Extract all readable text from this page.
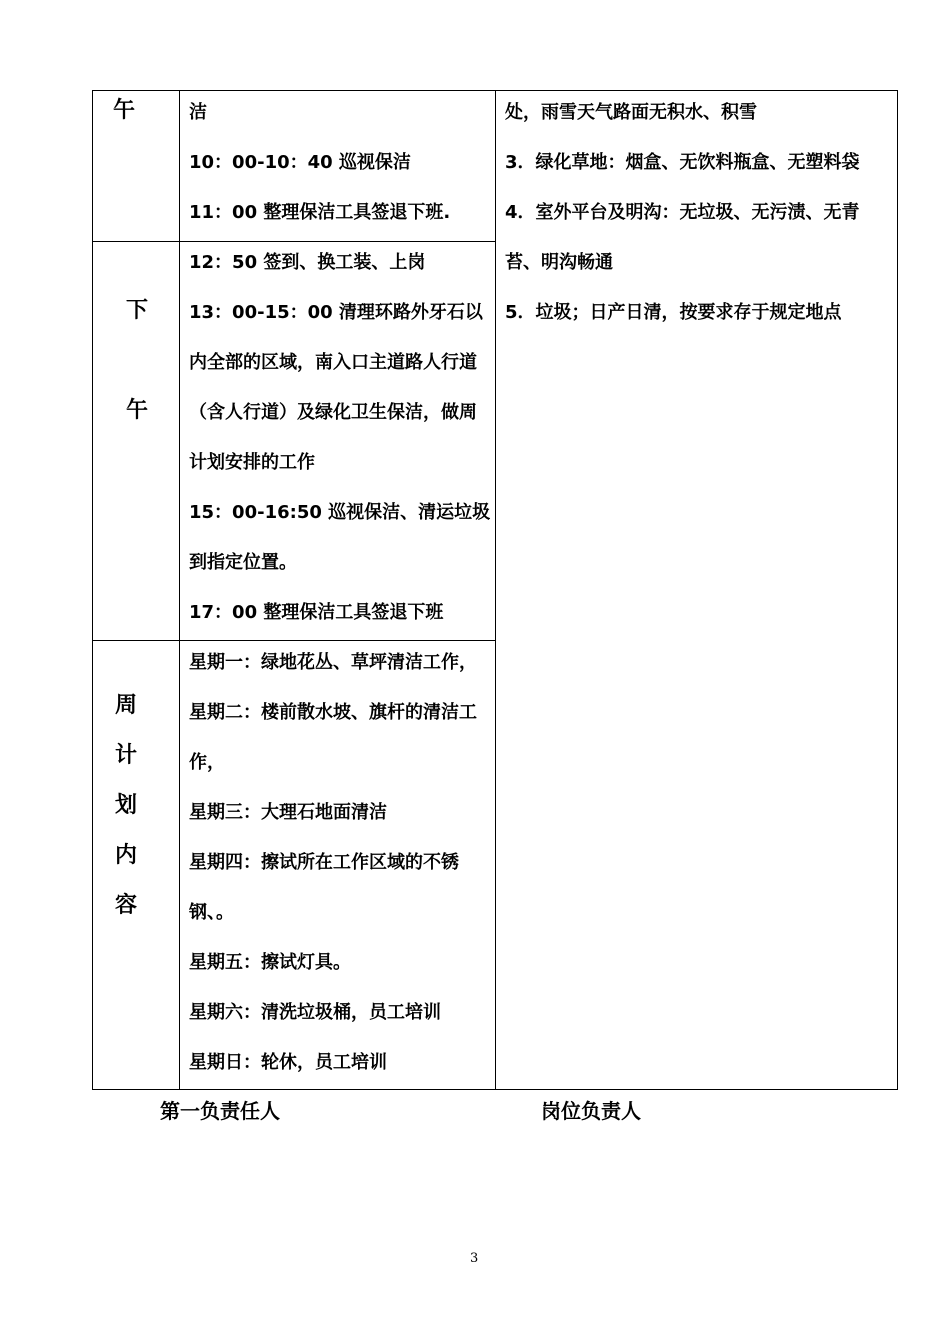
午	洁
10：00-10：40 巡视保洁
11：00 整理保洁工具签退下班.
下
午
12：50 签到、换工装、上岗
13：00-15：00 清理环路外牙石以
内全部的区域，南入口主道路人行道
（含人行道）及绿化卫生保洁，做周
计划安排的工作
15：00-16:50 巡视保洁、清运垃圾
到指定位置。
17：00 整理保洁工具签退下班
周
计
划
内
容
星期一：绿地花丛、草坪清洁工作，
星期二：楼前散水坡、旗杆的清洁工
作，
星期三：大理石地面清洁
星期四：擦试所在工作区域的不锈
钢、。
星期五：擦试灯具。
星期六：清洗垃圾桶，员工培训
星期日：轮休，员工培训
处，雨雪天气路面无积水、积雪
3．绿化草地：烟盒、无饮料瓶盒、无塑料袋
4．室外平台及明沟：无垃圾、无污渍、无青
苔、明沟畅通
5．垃圾；日产日清，按要求存于规定地点
第一负责任人	岗位负责人
3
